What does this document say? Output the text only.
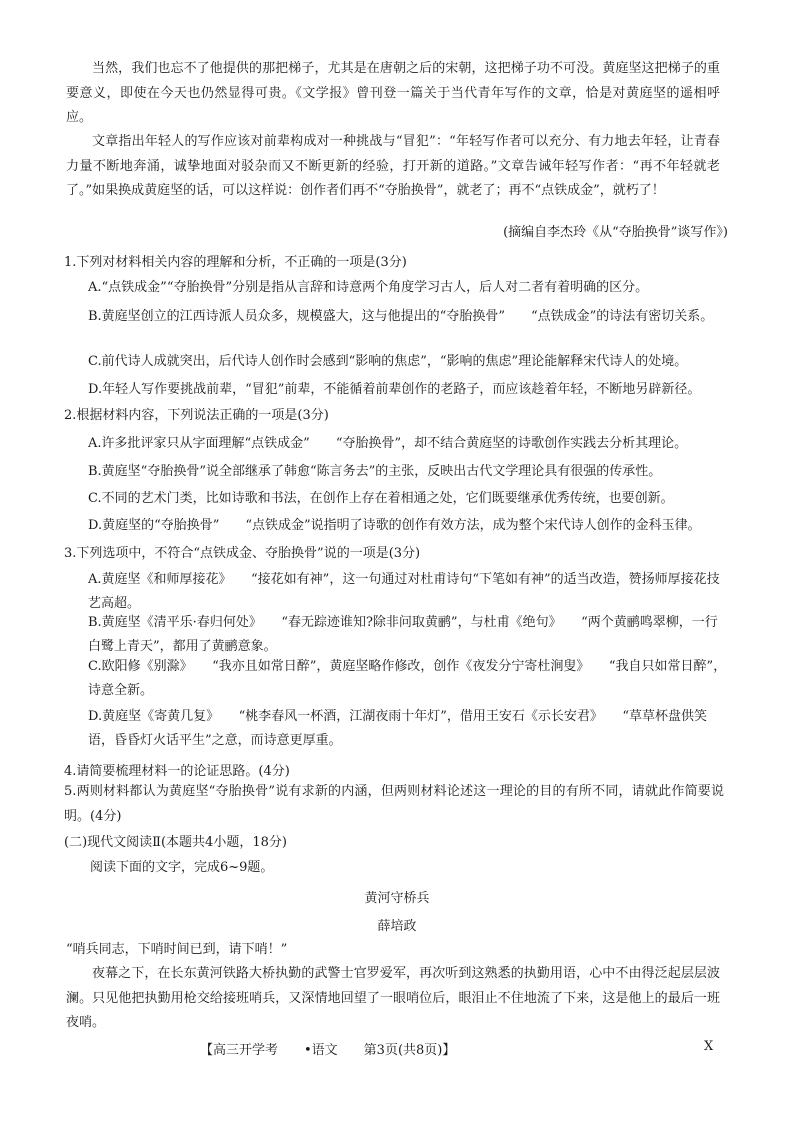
当然，我们也忘不了他提供的那把梯子，尤其是在唐朝之后的宋朝，这把梯子功不可没。黄庭坚这把梯子的重要意义，即使在今天也仍然显得可贵。《文学报》曾刊登一篇关于当代青年写作的文章，恰是对黄庭坚的遥相呼应。

文章指出年轻人的写作应该对前辈构成对一种挑战与“冒犯”：“年轻写作者可以充分、有力地去年轻，让青春力量不断地奔涌，诚挚地面对驳杂而又不断更新的经验，打开新的道路。”文章告诫年轻写作者：“再不年轻就老了。”如果换成黄庭坚的话，可以这样说：创作者们再不“夺胎换骨”，就老了；再不“点铁成金”，就朽了！

(摘编自李杰玲《从“夺胎换骨”谈写作》)
1.下列对材料相关内容的理解和分析，不正确的一项是(3分)

A.“点铁成金”“夺胎换骨”分别是指从言辞和诗意两个角度学习古人，后人对二者有着明确的区分。

B.黄庭坚创立的江西诗派人员众多，规模盛大，这与他提出的“夺胎换骨”　　“点铁成金”的诗法有密切关系。

C.前代诗人成就突出，后代诗人创作时会感到“影响的焦虑”，“影响的焦虑”理论能解释宋代诗人的处境。

D.年轻人写作要挑战前辈，“冒犯”前辈，不能循着前辈创作的老路子，而应该趁着年轻，不断地另辟新径。

2.根据材料内容，下列说法正确的一项是(3分)

A.许多批评家只从字面理解“点铁成金”　　“夺胎换骨”，却不结合黄庭坚的诗歌创作实践去分析其理论。

B.黄庭坚“夺胎换骨”说全部继承了韩愈“陈言务去”的主张，反映出古代文学理论具有很强的传承性。

C.不同的艺术门类，比如诗歌和书法，在创作上存在着相通之处，它们既要继承优秀传统，也要创新。

D.黄庭坚的“夺胎换骨”　　“点铁成金”说指明了诗歌的创作有效方法，成为整个宋代诗人创作的金科玉律。

3.下列选项中，不符合“点铁成金、夺胎换骨”说的一项是(3分)

A.黄庭坚《和师厚接花》　　“接花如有神”，这一句通过对杜甫诗句“下笔如有神”的适当改造，赞扬师厚接花技艺高超。

B.黄庭坚《清平乐·春归何处》　　“春无踪迹谁知?除非问取黄鹂”，与杜甫《绝句》　　“两个黄鹂鸣翠柳，一行白鹭上青天”，都用了黄鹂意象。

C.欧阳修《别滁》　　“我亦且如常日醉”，黄庭坚略作修改，创作《夜发分宁寄杜涧叟》　　“我自只如常日醉”，诗意全新。

D.黄庭坚《寄黄几复》　　“桃李春风一杯酒，江湖夜雨十年灯”，借用王安石《示长安君》　　“草草杯盘供笑语，昏昏灯火话平生”之意，而诗意更厚重。

4.请简要梳理材料一的论证思路。(4分)

5.两则材料都认为黄庭坚“夺胎换骨”说有求新的内涵，但两则材料论述这一理论的目的有所不同，请就此作简要说明。(4分)

(二)现代文阅读Ⅱ(本题共4小题，18分)
阅读下面的文字，完成6~9题。
黄河守桥兵
薛培政

“哨兵同志，下哨时间已到，请下哨！”

夜幕之下，在长东黄河铁路大桥执勤的武警士官罗爱军，再次听到这熟悉的执勤用语，心中不由得泛起层层波澜。只见他把执勤用枪交给接班哨兵，又深情地回望了一眼哨位后，眼泪止不住地流了下来，这是他上的最后一班夜哨。

【高三开学考　　•语文　　第3页(共8页)】	X
